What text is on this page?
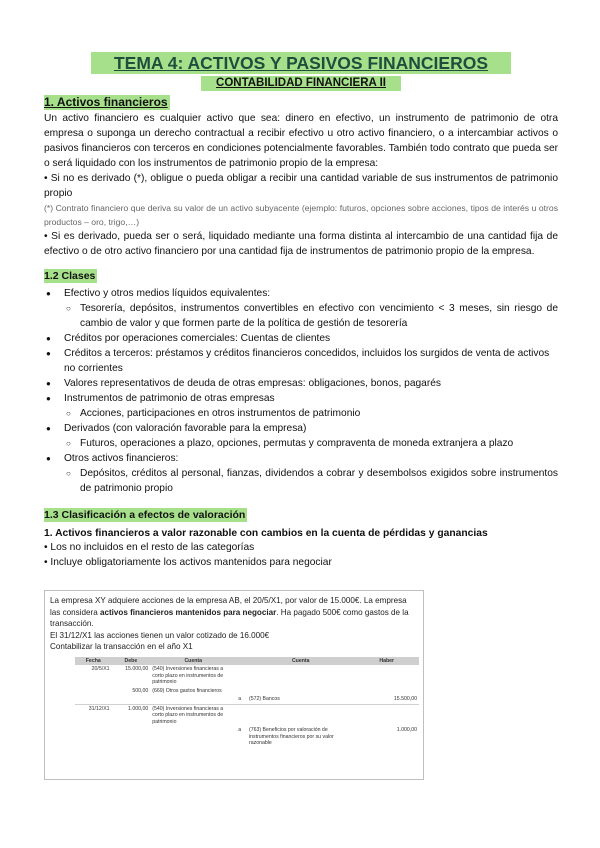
TEMA 4: ACTIVOS Y PASIVOS FINANCIEROS
CONTABILIDAD FINANCIERA II
1. Activos financieros

Un activo financiero es cualquier activo que sea: dinero en efectivo, un instrumento de patrimonio de otra empresa o suponga un derecho contractual a recibir efectivo u otro activo financiero, o a intercambiar activos o pasivos financieros con terceros en condiciones potencialmente favorables. También todo contrato que pueda ser o será liquidado con los instrumentos de patrimonio propio de la empresa:

• Si no es derivado (*), obligue o pueda obligar a recibir una cantidad variable de sus instrumentos de patrimonio propio

(*) Contrato financiero que deriva su valor de un activo subyacente (ejemplo: futuros, opciones sobre acciones, tipos de interés u otros productos – oro, trigo,…)

• Si es derivado, pueda ser o será, liquidado mediante una forma distinta al intercambio de una cantidad fija de efectivo o de otro activo financiero por una cantidad fija de instrumentos de patrimonio propio de la empresa.

1.2 Clases
● Efectivo y otros medios líquidos equivalentes:
○ Tesorería, depósitos, instrumentos convertibles en efectivo con vencimiento < 3 meses, sin riesgo de cambio de valor y que formen parte de la política de gestión de tesorería
● Créditos por operaciones comerciales: Cuentas de clientes
● Créditos a terceros: préstamos y créditos financieros concedidos, incluidos los surgidos de venta de activos no corrientes
● Valores representativos de deuda de otras empresas: obligaciones, bonos, pagarés
● Instrumentos de patrimonio de otras empresas
○ Acciones, participaciones en otros instrumentos de patrimonio
● Derivados (con valoración favorable para la empresa)
○ Futuros, operaciones a plazo, opciones, permutas y compraventa de moneda extranjera a plazo
● Otros activos financieros:
○ Depósitos, créditos al personal, fianzas, dividendos a cobrar y desembolsos exigidos sobre instrumentos de patrimonio propio
1.3 Clasificación a efectos de valoración
1. Activos financieros a valor razonable con cambios en la cuenta de pérdidas y ganancias
• Los no incluidos en el resto de las categorías
• Incluye obligatoriamente los activos mantenidos para negociar
La empresa XY adquiere acciones de la empresa AB, el 20/5/X1, por valor de 15.000€. La empresa las considera activos financieros mantenidos para negociar. Ha pagado 500€ como gastos de la transacción.
El 31/12/X1 las acciones tienen un valor cotizado de 16.000€
Contabilizar la transacción en el año X1
Fecha	Debe	Cuenta		Cuenta	Haber
20/5/X1	15.000,00	(540) Inversiones financieras a corto plazo en instrumentos de patrimonio			
	500,00	(669) Otros gastos financieros			
			a	(572) Bancos	15.500,00
31/12/X1	1.000,00	(540) Inversiones financieras a corto plazo en instrumentos de patrimonio			
			a	(763) Beneficios por valoración de instrumentos financieros por su valor razonable	1.000,00
